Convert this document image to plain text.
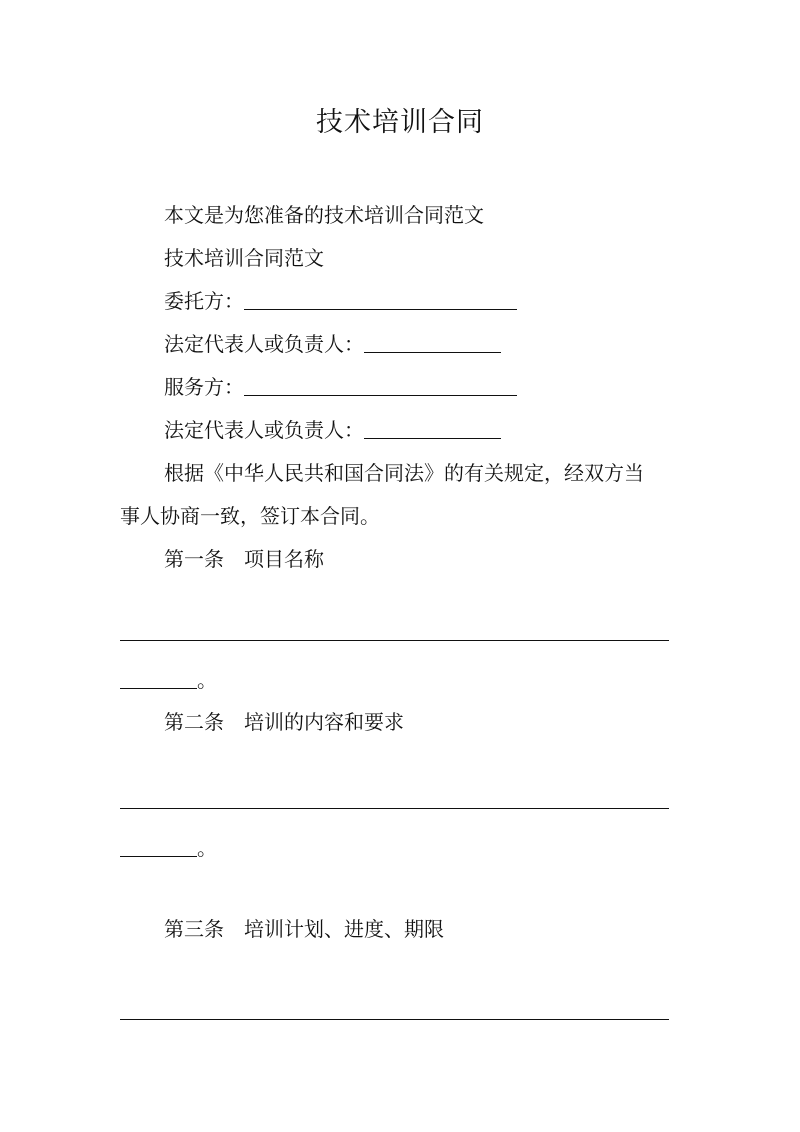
技术培训合同
本文是为您准备的技术培训合同范文
技术培训合同范文
委托方：
法定代表人或负责人：
服务方：
法定代表人或负责人：
根据《中华人民共和国合同法》的有关规定，经双方当
事人协商一致，签订本合同。
第一条　项目名称
。
第二条　培训的内容和要求
。
第三条　培训计划、进度、期限
